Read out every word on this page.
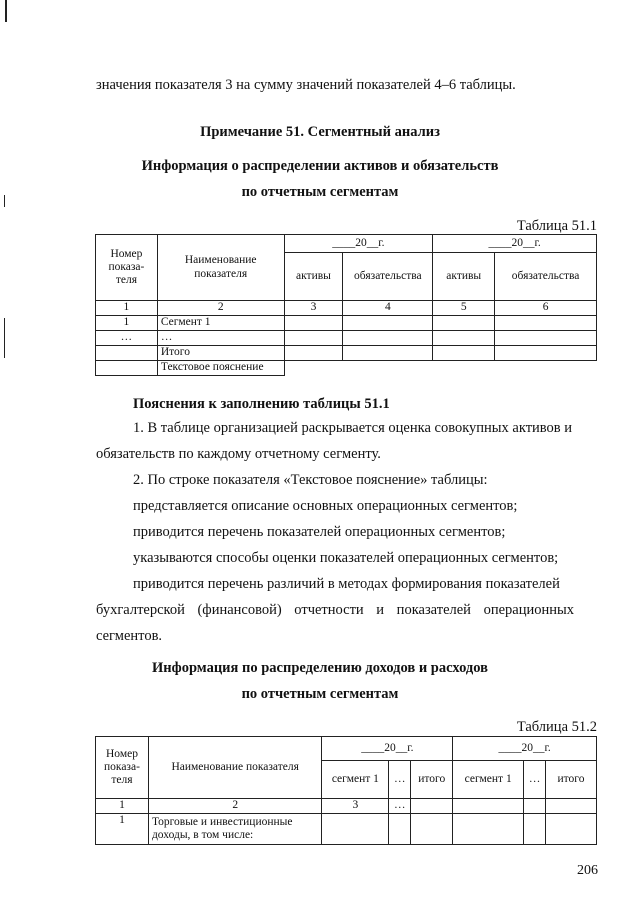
значения показателя 3 на сумму значений показателей 4–6 таблицы.
Примечание 51. Сегментный анализ
Информация о распределении активов и обязательств
по отчетным сегментам
Таблица 51.1
Номер показа-теля	Наименование показателя	____20__г.		____20__г.	
		активы	обязательства	активы	обязательства
1	2	3	4	5	6
1	Сегмент 1				
…	…				
	Итого				
	Текстовое пояснение				
Пояснения к заполнению таблицы 51.1
1. В таблице организацией раскрывается оценка совокупных активов и
обязательств по каждому отчетному сегменту.
2. По строке показателя «Текстовое пояснение» таблицы:
представляется описание основных операционных сегментов;
приводится перечень показателей операционных сегментов;
указываются способы оценки показателей операционных сегментов;
приводится перечень различий в методах формирования показателей
бухгалтерской (финансовой) отчетности и показателей операционных
сегментов.
Информация по распределению доходов и расходов
по отчетным сегментам
Таблица 51.2
Номер показа-теля	Наименование показателя	____20__г.			____20__г.		
		сегмент 1	…	итого	сегмент 1	…	итого
1	2	3	…				
1	Торговые и инвестиционные доходы, в том числе:						
206
